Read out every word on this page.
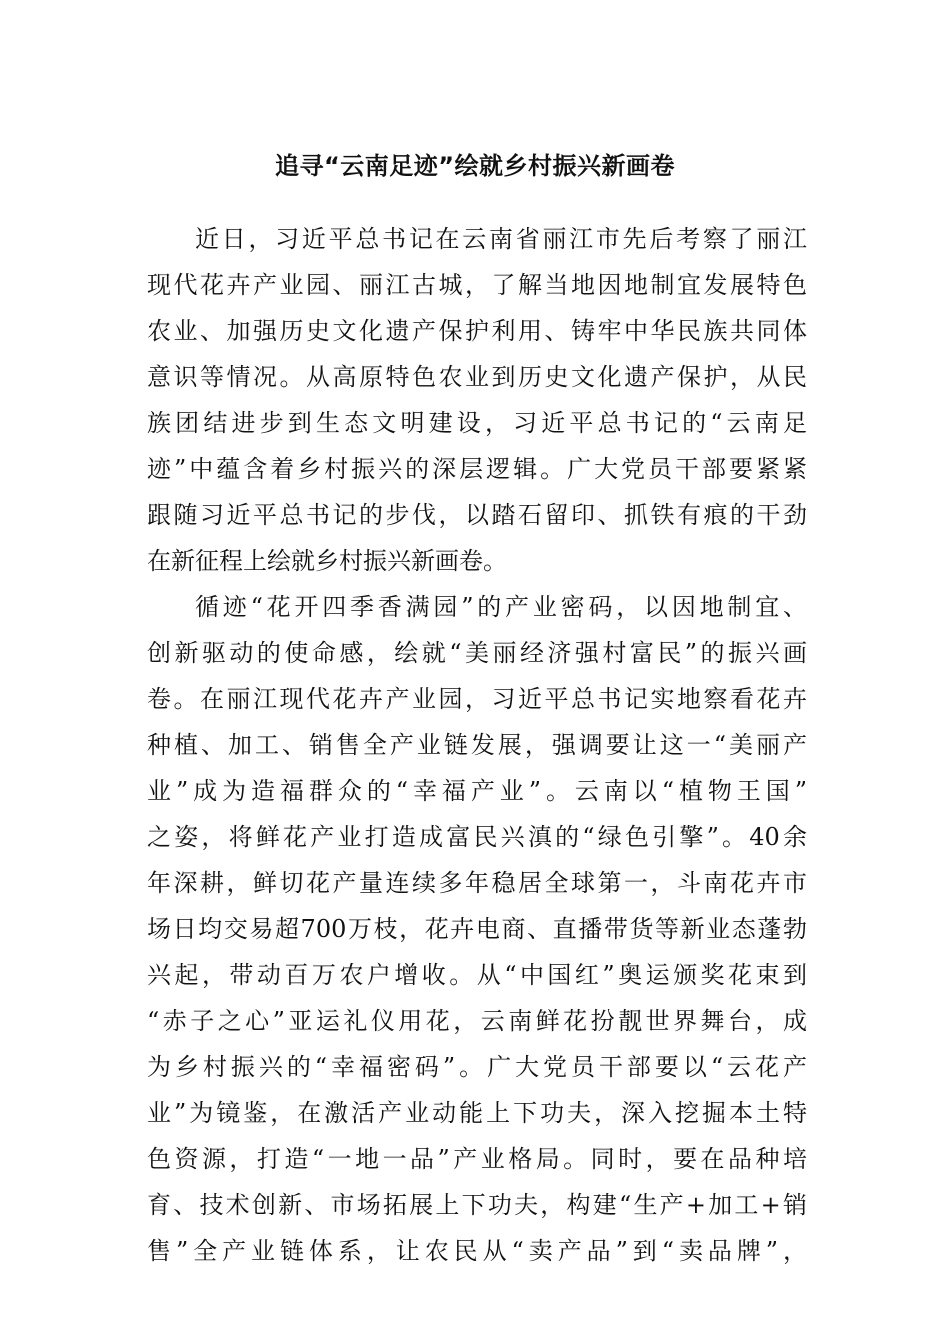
追寻“云南足迹”绘就乡村振兴新画卷
近日，习近平总书记在云南省丽江市先后考察了丽江
现代花卉产业园、丽江古城，了解当地因地制宜发展特色
农业、加强历史文化遗产保护利用、铸牢中华民族共同体
意识等情况。从高原特色农业到历史文化遗产保护，从民
族团结进步到生态文明建设，习近平总书记的“云南足
迹”中蕴含着乡村振兴的深层逻辑。广大党员干部要紧紧
跟随习近平总书记的步伐，以踏石留印、抓铁有痕的干劲
在新征程上绘就乡村振兴新画卷。
循迹“花开四季香满园”的产业密码，以因地制宜、
创新驱动的使命感，绘就“美丽经济强村富民”的振兴画
卷。在丽江现代花卉产业园，习近平总书记实地察看花卉
种植、加工、销售全产业链发展，强调要让这一“美丽产
业”成为造福群众的“幸福产业”。云南以“植物王国”
之姿，将鲜花产业打造成富民兴滇的“绿色引擎”。40余
年深耕，鲜切花产量连续多年稳居全球第一，斗南花卉市
场日均交易超700万枝，花卉电商、直播带货等新业态蓬勃
兴起，带动百万农户增收。从“中国红”奥运颁奖花束到
“赤子之心”亚运礼仪用花，云南鲜花扮靓世界舞台，成
为乡村振兴的“幸福密码”。广大党员干部要以“云花产
业”为镜鉴，在激活产业动能上下功夫，深入挖掘本土特
色资源，打造“一地一品”产业格局。同时，要在品种培
育、技术创新、市场拓展上下功夫，构建“生产+加工+销
售”全产业链体系，让农民从“卖产品”到“卖品牌”，
